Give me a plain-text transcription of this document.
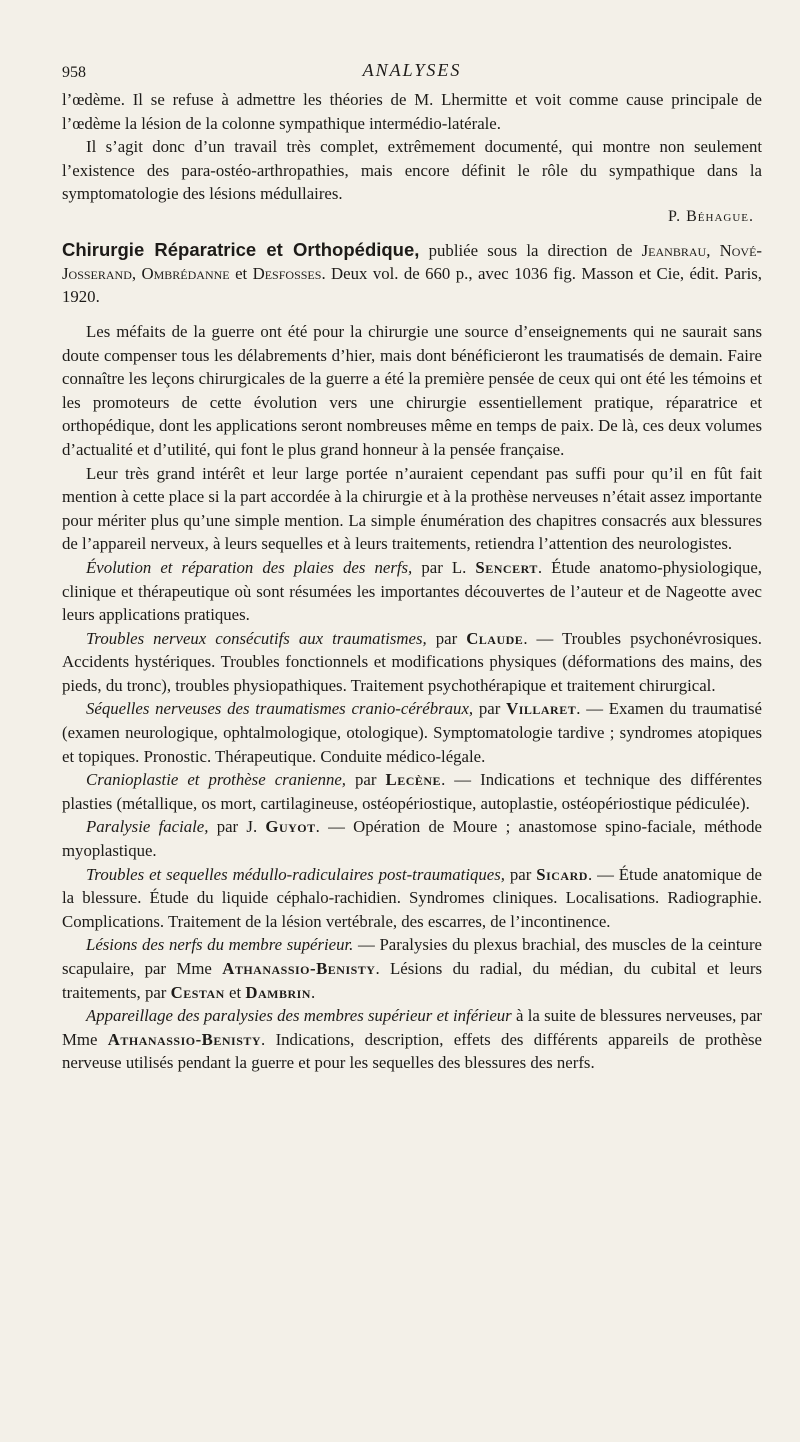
958	ANALYSES

l’œdème. Il se refuse à admettre les théories de M. Lhermitte et voit comme cause principale de l’œdème la lésion de la colonne sympathique intermédio-latérale.

Il s’agit donc d’un travail très complet, extrêmement documenté, qui montre non seulement l’existence des para-ostéo-arthropathies, mais encore définit le rôle du sympathique dans la symptomatologie des lésions médullaires.

P. Béhague.
Chirurgie Réparatrice et Orthopédique, publiée sous la direction de Jeanbrau, Nové-Josserand, Ombrédanne et Desfosses. Deux vol. de 660 p., avec 1036 fig. Masson et Cie, édit. Paris, 1920.

Les méfaits de la guerre ont été pour la chirurgie une source d’enseignements qui ne saurait sans doute compenser tous les délabrements d’hier, mais dont bénéficieront les traumatisés de demain. Faire connaître les leçons chirurgicales de la guerre a été la première pensée de ceux qui ont été les témoins et les promoteurs de cette évolution vers une chirurgie essentiellement pratique, réparatrice et orthopédique, dont les applications seront nombreuses même en temps de paix. De là, ces deux volumes d’actualité et d’utilité, qui font le plus grand honneur à la pensée française.

Leur très grand intérêt et leur large portée n’auraient cependant pas suffi pour qu’il en fût fait mention à cette place si la part accordée à la chirurgie et à la prothèse nerveuses n’était assez importante pour mériter plus qu’une simple mention. La simple énumération des chapitres consacrés aux blessures de l’appareil nerveux, à leurs sequelles et à leurs traitements, retiendra l’attention des neurologistes.

Évolution et réparation des plaies des nerfs, par L. Sencert. Étude anatomo-physiologique, clinique et thérapeutique où sont résumées les importantes découvertes de l’auteur et de Nageotte avec leurs applications pratiques.

Troubles nerveux consécutifs aux traumatismes, par Claude. — Troubles psychonévrosiques. Accidents hystériques. Troubles fonctionnels et modifications physiques (déformations des mains, des pieds, du tronc), troubles physiopathiques. Traitement psychothérapique et traitement chirurgical.

Séquelles nerveuses des traumatismes cranio-cérébraux, par Villaret. — Examen du traumatisé (examen neurologique, ophtalmologique, otologique). Symptomatologie tardive ; syndromes atopiques et topiques. Pronostic. Thérapeutique. Conduite médico-légale.

Cranioplastie et prothèse cranienne, par Lecène. — Indications et technique des différentes plasties (métallique, os mort, cartilagineuse, ostéopériostique, autoplastie, ostéopériostique pédiculée).

Paralysie faciale, par J. Guyot. — Opération de Moure ; anastomose spino-faciale, méthode myoplastique.

Troubles et sequelles médullo-radiculaires post-traumatiques, par Sicard. — Étude anatomique de la blessure. Étude du liquide céphalo-rachidien. Syndromes cliniques. Localisations. Radiographie. Complications. Traitement de la lésion vertébrale, des escarres, de l’incontinence.

Lésions des nerfs du membre supérieur. — Paralysies du plexus brachial, des muscles de la ceinture scapulaire, par Mme Athanassio-Benisty. Lésions du radial, du médian, du cubital et leurs traitements, par Cestan et Dambrin.

Appareillage des paralysies des membres supérieur et inférieur à la suite de blessures nerveuses, par Mme Athanassio-Benisty. Indications, description, effets des différents appareils de prothèse nerveuse utilisés pendant la guerre et pour les sequelles des blessures des nerfs.
